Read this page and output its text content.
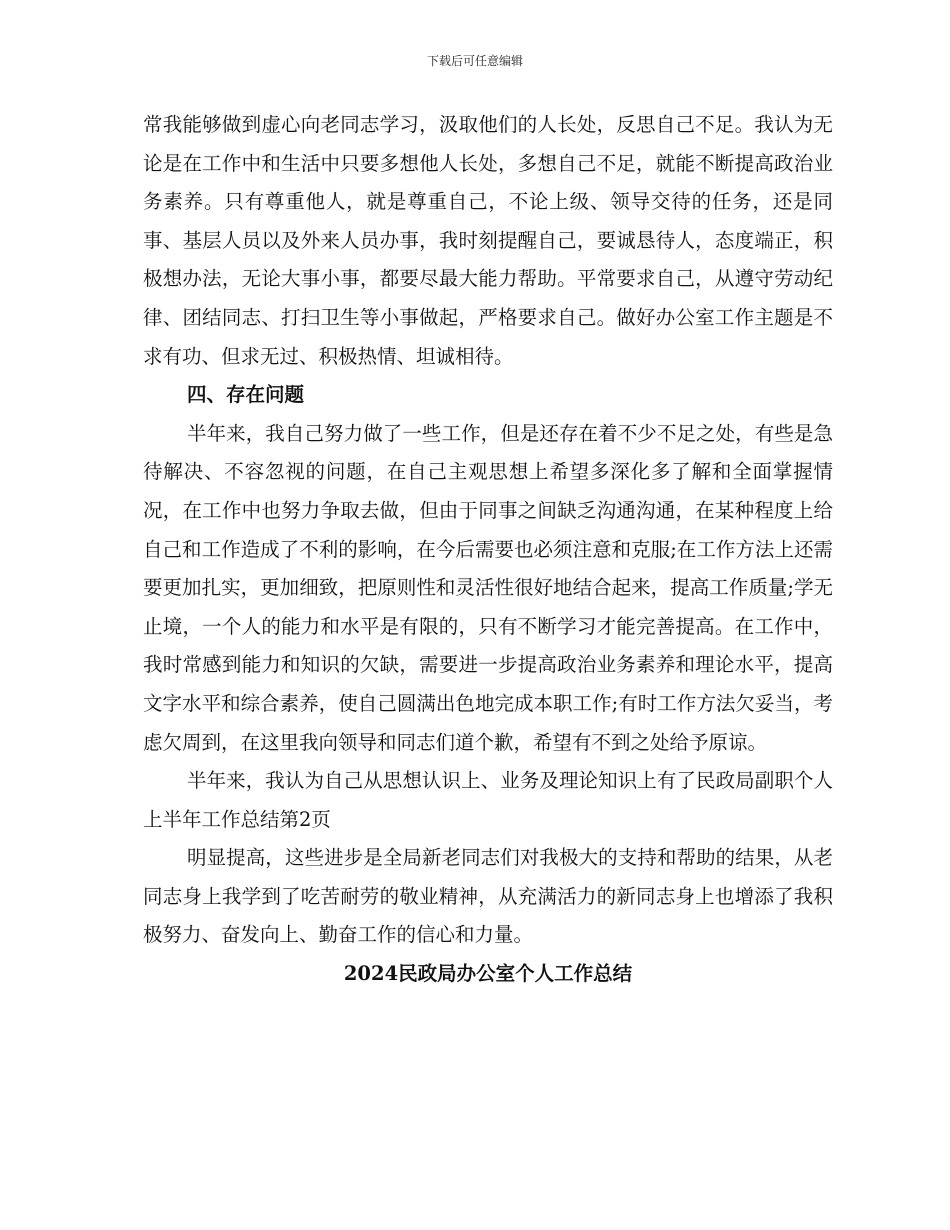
下载后可任意编辑

常我能够做到虚心向老同志学习，汲取他们的人长处，反思自己不足。我认为无论是在工作中和生活中只要多想他人长处，多想自己不足，就能不断提高政治业务素养。只有尊重他人，就是尊重自己，不论上级、领导交待的任务，还是同事、基层人员以及外来人员办事，我时刻提醒自己，要诚恳待人，态度端正，积极想办法，无论大事小事，都要尽最大能力帮助。平常要求自己，从遵守劳动纪律、团结同志、打扫卫生等小事做起，严格要求自己。做好办公室工作主题是不求有功、但求无过、积极热情、坦诚相待。

四、存在问题

半年来，我自己努力做了一些工作，但是还存在着不少不足之处，有些是急待解决、不容忽视的问题，在自己主观思想上希望多深化多了解和全面掌握情况，在工作中也努力争取去做，但由于同事之间缺乏沟通沟通，在某种程度上给自己和工作造成了不利的影响，在今后需要也必须注意和克服;在工作方法上还需要更加扎实，更加细致，把原则性和灵活性很好地结合起来，提高工作质量;学无止境，一个人的能力和水平是有限的，只有不断学习才能完善提高。在工作中，我时常感到能力和知识的欠缺，需要进一步提高政治业务素养和理论水平，提高文字水平和综合素养，使自己圆满出色地完成本职工作;有时工作方法欠妥当，考虑欠周到，在这里我向领导和同志们道个歉，希望有不到之处给予原谅。

半年来，我认为自己从思想认识上、业务及理论知识上有了民政局副职个人上半年工作总结第2页

明显提高，这些进步是全局新老同志们对我极大的支持和帮助的结果，从老同志身上我学到了吃苦耐劳的敬业精神，从充满活力的新同志身上也增添了我积极努力、奋发向上、勤奋工作的信心和力量。

2024民政局办公室个人工作总结
